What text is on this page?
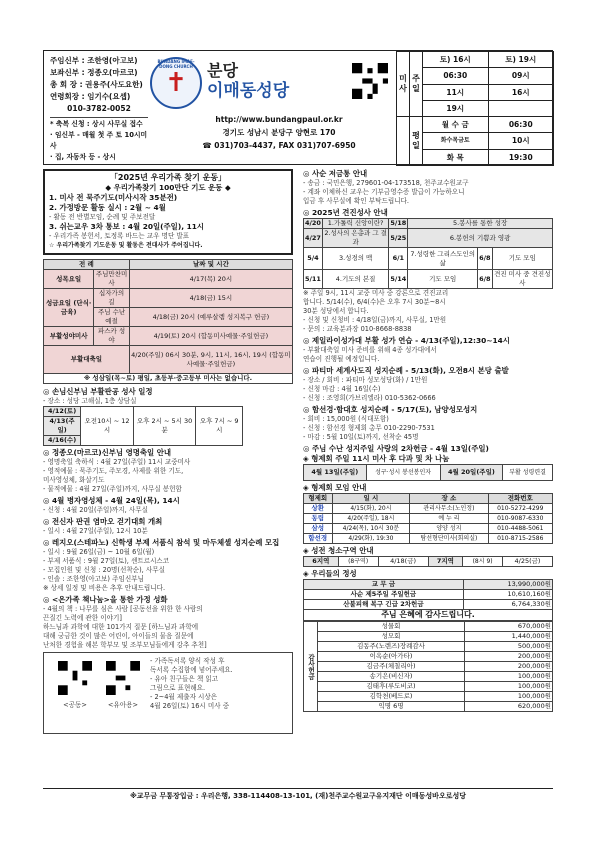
주임신부 : 조한영(아고보)
보좌신부 : 정종오(마르코)
총 회 장 : 권용주(사도요한)
연령회장 : 임기수(요셉)
010-3782-0052
* 축복 신청 : 상시 사무실 접수
· 임신부 - 매월 첫 주 토 10시미사
· 집, 자동차 등 - 상시
BUNDANG IMAE-DONG CHURCH
✝ 분당
이매동성당
http://www.bundangpaul.or.kr
경기도 성남시 분당구 양현로 170
☎ 031)703-4437, FAX 031)707-6950
미사	주
일	토) 16시	토) 19시
		06:30	09시
		11시	16시
		19시	
	평
일	월 수 금	06:30
		화수목금토	10시
		화 목	19:30
「2025년 우리가족 찾기 운동」
◆ 우리가족찾기 100만단 기도 운동 ◆
1. 미사 전 묵주기도(미사시작 35분전)
2. 가정방문 활동 실시 : 2월 ~ 4월
- 활동 전 반별모임, 순례 및 주보전달
3. 쉬는교우 3차 통보 : 4월 20일(주일), 11시
- 우리가족 봉헌서, 토정록 바드는 교우 명단 발표
☆ 우리가족찾기 기도운동 및 활동은 전대사가 주어집니다.
전 례		날짜 및 시간
성목요일	주님만찬미사	4/17(목) 20시
성금요일 (단식·금육)	십자가의 길	4/18(금) 15시
	주님 수난 예절	4/18(금) 20시 (예루살렘 성지복구 헌금)
부활성야미사	파스카 성야	4/19(토) 20시 (합동미사예물·주일헌금)
부활대축일		4/20(주일) 06시 30분, 9시, 11시, 16시, 19시 (합동미사예물·주일헌금)
※ 성삼일(목~토) 평일, 초등부·중고등부 미사는 없습니다.		
◎ 손님신부님 부활판공 성사 일정
- 장소 : 성당 고해실, 1층 상담실
4/12(토)	오전10시 ~ 12시	오후 2시 ~ 5시 30분	오후 7시 ~ 9시
4/13(주일)
4/16(수)
◎ 정종오(마르코)신부님 영명축일 안내
- 영명축일 축하식 : 4월 27일(주일) 11시 교중미사
- 영적예물 : 묵주기도, 주모경, 사제를 위한 기도,
미사영성체, 화살기도
- 물적예물 : 4월 27일(주일)까지, 사무실 봉헌함
◎ 4월 병자영성체 - 4월 24일(목), 14시
- 신청 : 4월 20일(주일)까지, 사무실
◎ 전신자 판권 염마오 걷기대회 개최
- 일시 : 4월 27일(주일), 12시 10분
◎ 레지오(스테파노) 신학생 부제 서품식 참석 및 마두체셸 성지순례 모집
- 일시 : 9월 26일(금) ~ 10월 6일(월)
- 부제 서품식 : 9월 27일(토), 센트르시스코
- 모집인원 및 신청 : 20명(선착순), 사무실
- 인솔 : 조한영(아고보) 주임신부님
※ 상세 일정 및 비용은 추후 안내드립니다.
◎ <온가족 책나눔>을 통한 가정 성화
- 4월의 책 : 나무를 심은 사람 [공동선을 위한 한 사람의
끈질긴 노력에 관한 이야기]
하느님과 과학에 대한 101가지 질문 [하느님과 과학에
대해 궁금한 것이 많은 어린이, 아이들의 물음 질문에
난처한 경험을 해본 학부모 및 조부모님들에게 강추 추천]
<공동>	<유아용>
- 가족독서록 양식 작성 후
독서록 수집함에 넣어주세요.
- 유아 친구들은 책 읽고
그림으로 표현해요.
- 2~4월 제출자 시상은
4월 26일(토) 16시 미사 중
◎ 사순 저금통 안내
- 송금 : 국민은행, 279601-04-173518, 천주교수원교구
- 계좌 이체하신 교우는 기부금영수증 발급이 가능하오니
입금 후 사무실에 확인 부탁드립니다.
◎ 2025년 견진성사 안내
4/20	1.가톨릭 신앙이란?	5/18	5.봉사를 통한 성장		
4/27	2.성사의 은총과 그 결과	5/25	6.봉헌의 기쁨과 영광		
5/4	3.성경의 맥	6/1	7.성령한 그리스도인의 삶	6/8	기도 모임
5/11	4.기도의 본질	5/14	기도 모임	6/8	견진 미사 중 견진성사
※ 주일 9시, 11시 교중 미사 중 강론으로 견진교리
합니다. 5/14(수), 6/4(수)은 오후 7시 30분~8시
30분 성당에서 합니다.
- 신청 및 신청비 : 4/18일(금)까지, 사무실, 1만원
- 문의 : 교육분과장 010-8668-8838
◎ 제일라이성가대 부활 성가 연습 - 4/13(주일),12:30~14시
- 부활대축일 미사 준비를 위해 4종 성가대에서
연습이 진행될 예정입니다.
◎ 파티마 세계사도직 성지순례 - 5/13(화), 오전8시 본당 출발
- 장소 / 회비 : 파티마 성모성당(화) / 1만원
- 신청 마감 : 4월 16일(수)
- 신청 : 조영희(가브리엘라) 010-5362-0666
◎ 함선경·함대호 성지순례 - 5/17(토), 남양성모성지
- 회비 : 15,000원 (식대포함)
- 신청 : 함선경 형제회 총무 010-2290-7531
- 마감 : 5월 10일(토)까지, 선착순 45명
◎ 주님 수난 성지주일 사랑의 2차헌금 - 4월 13일(주일)
◈ 형제회 주일 11시 미사 후 다과 및 차 나눔
4월 13일(주일)	성구·성시 봉선봉인자	4월 20일(주일)	부활 성령련결
◈ 형제회 모임 안내
형제회	일 시	장 소	전화번호
상환	4/15(화), 20시	관리사무소(노인정)	010-5272-4299
동림	4/20(주일), 18시	예 누 리	010-9087-6330
삼성	4/24(목), 10시 30분	양양 성지	010-4488-5061
함선경	4/29(화), 19:30	탐선형단미사(회의실)	010-8715-2586
◈ 성전 청소구역 안내
6지역	(8구역)	4/18(금)	7지역	(8시 9)	4/25(금)
◈ 우리들의 정성
교 무 금	13,990,000원
사순 제5주일 주일헌금	10,610,160원
산불피해 복구 긴급 2차헌금	6,764,330원
주님 은혜에 감사드립니다.
감사헌금	성물회	670,000원
	성모회	1,440,000원
	김동주(노렌즈)장례감사	500,000원
	이옥순(아가타)	200,000원
	김금주(체칠리아)	200,000원
	송기은(비신자)	100,000원
	김태후(루도비코)	100,000원
	김학천(베드로)	100,000원
	익명 6명	620,000원
※교무금 무통장입금 : 우리은행, 338-114408-13-101, (재)천주교수원교구유지재단 이매동성바오로성당
